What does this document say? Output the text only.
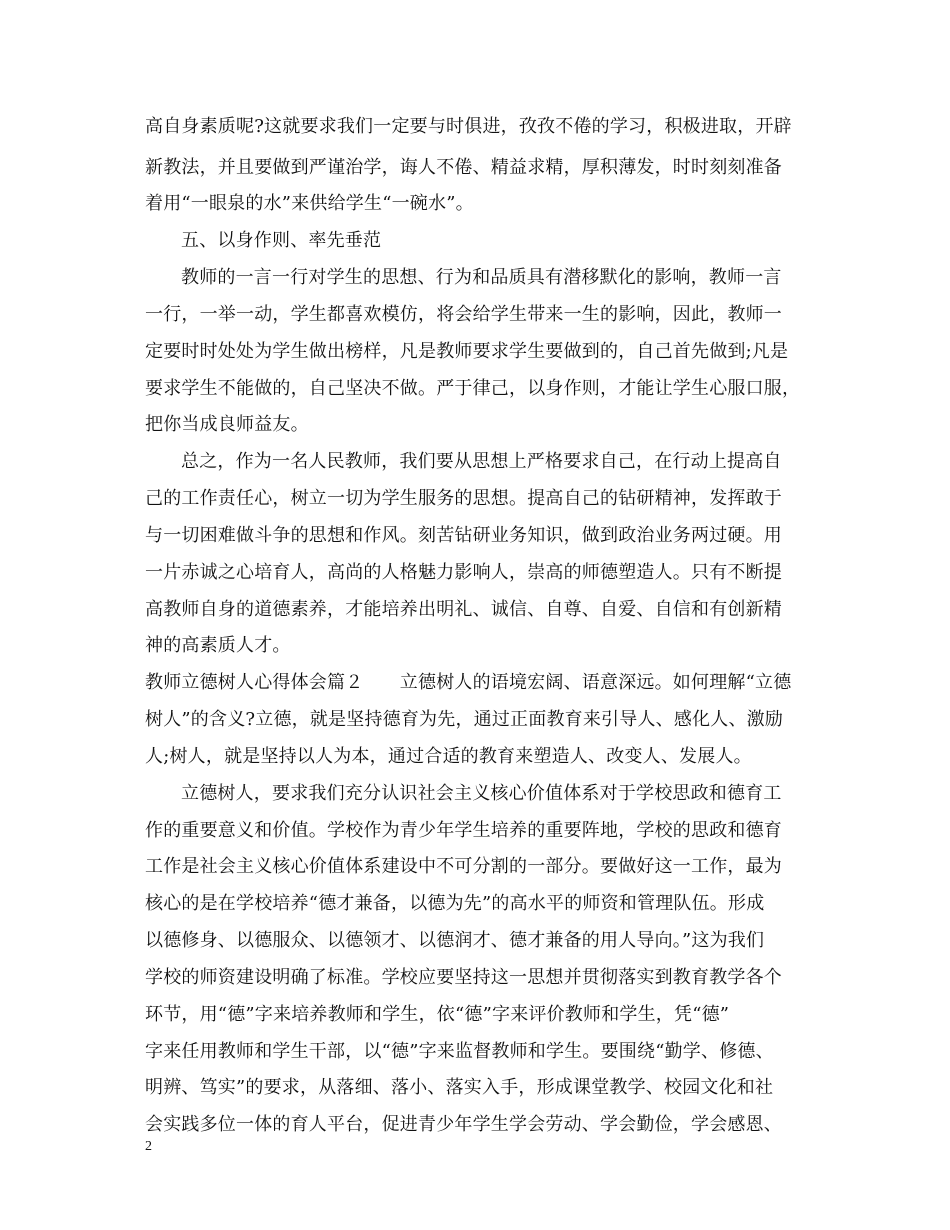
高自身素质呢?这就要求我们一定要与时俱进，孜孜不倦的学习，积极进取，开辟
新教法，并且要做到严谨治学，诲人不倦、精益求精，厚积薄发，时时刻刻准备
着用“一眼泉的水”来供给学生“一碗水”。
五、以身作则、率先垂范
教师的一言一行对学生的思想、行为和品质具有潜移默化的影响，教师一言
一行，一举一动，学生都喜欢模仿，将会给学生带来一生的影响，因此，教师一
定要时时处处为学生做出榜样，凡是教师要求学生要做到的，自己首先做到;凡是
要求学生不能做的，自己坚决不做。严于律己，以身作则，才能让学生心服口服，
把你当成良师益友。
总之，作为一名人民教师，我们要从思想上严格要求自己，在行动上提高自
己的工作责任心，树立一切为学生服务的思想。提高自己的钻研精神，发挥敢于
与一切困难做斗争的思想和作风。刻苦钻研业务知识，做到政治业务两过硬。用
一片赤诚之心培育人，高尚的人格魅力影响人，崇高的师德塑造人。只有不断提
高教师自身的道德素养，才能培养出明礼、诚信、自尊、自爱、自信和有创新精
神的高素质人才。
教师立德树人心得体会篇２　　立德树人的语境宏阔、语意深远。如何理解“立德
树人”的含义?立德，就是坚持德育为先，通过正面教育来引导人、感化人、激励
人;树人，就是坚持以人为本，通过合适的教育来塑造人、改变人、发展人。
立德树人，要求我们充分认识社会主义核心价值体系对于学校思政和德育工
作的重要意义和价值。学校作为青少年学生培养的重要阵地，学校的思政和德育
工作是社会主义核心价值体系建设中不可分割的一部分。要做好这一工作，最为
核心的是在学校培养“德才兼备，以德为先”的高水平的师资和管理队伍。形成
以德修身、以德服众、以德领才、以德润才、德才兼备的用人导向。”这为我们
学校的师资建设明确了标准。学校应要坚持这一思想并贯彻落实到教育教学各个
环节，用“德”字来培养教师和学生，依“德”字来评价教师和学生，凭“德”
字来任用教师和学生干部，以“德”字来监督教师和学生。要围绕“勤学、修德、
明辨、笃实”的要求，从落细、落小、落实入手，形成课堂教学、校园文化和社
会实践多位一体的育人平台，促进青少年学生学会劳动、学会勤俭，学会感恩、
2
